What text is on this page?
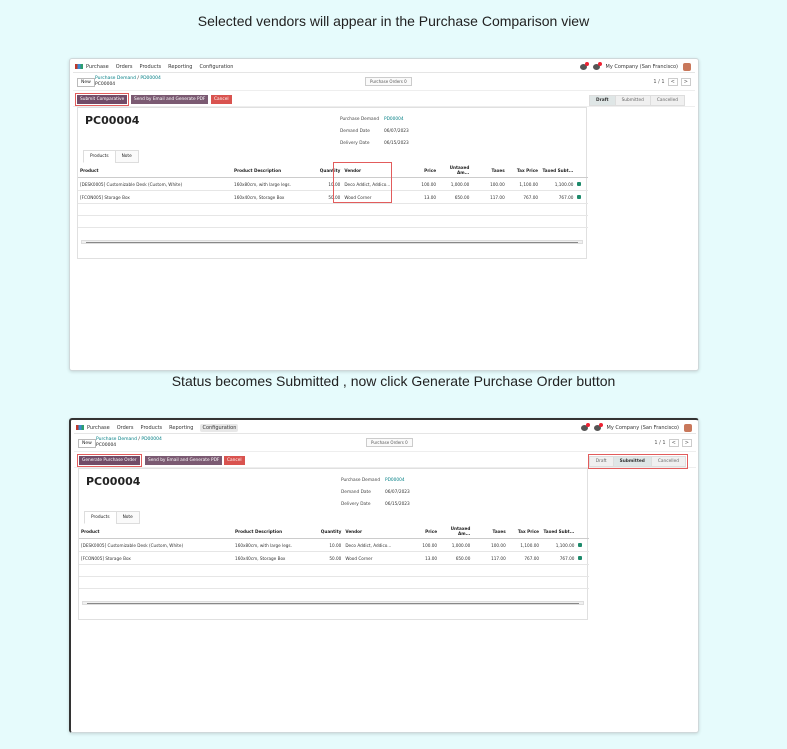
Selected vendors will appear in the Purchase Comparison view
Status becomes Submitted , now click Generate Purchase Order button
Purchase Orders Products Reporting Configuration	My Company (San Francisco)
New
Purchase Demand / PD00004
PC00004
Purchase Orders 0	1 / 1	<	>
Submit Comparative	Send by Email and Generate PDF	Cancel	Draft	Submitted	Cancelled
PC00004	Purchase Demand PD00004
Demand Date	06/07/2023
Delivery Date	06/15/2023
Products	Note
Product	Product Description	Quantity	Vendor	Price	Untaxed Am...	Taxes	Tax Price	Taxed Subt...	
[DESK0005] Customizable Desk (Custom, White)	160x80cm, with large legs.	10.00	Deco Addict, Addico...	100.00	1,000.00	100.00	1,100.00	1,100.00	
[FCON005] Storage Box	160x40cm, Storage Box	50.00	Wood Corner	13.00	650.00	117.00	767.00	767.00	

Purchase Orders Products Reporting	Configuration	My Company (San Francisco)
New
Purchase Demand / PD00004
PC00004
Purchase Orders 0	1 / 1	<	>
Generate Purchase Order	Send by Email and Generate PDF	Cancel	Draft	Submitted	Cancelled
PC00004	Purchase Demand PD00004
Demand Date	06/07/2023
Delivery Date	06/15/2023
Products	Note
Product	Product Description	Quantity	Vendor	Price	Untaxed Am...	Taxes	Tax Price	Taxed Subt...	
[DESK0005] Customizable Desk (Custom, White)	160x80cm, with large legs.	10.00	Deco Addict, Addico...	100.00	1,000.00	100.00	1,100.00	1,100.00	
[FCON005] Storage Box	160x40cm, Storage Box	50.00	Wood Corner	13.00	650.00	117.00	767.00	767.00	
